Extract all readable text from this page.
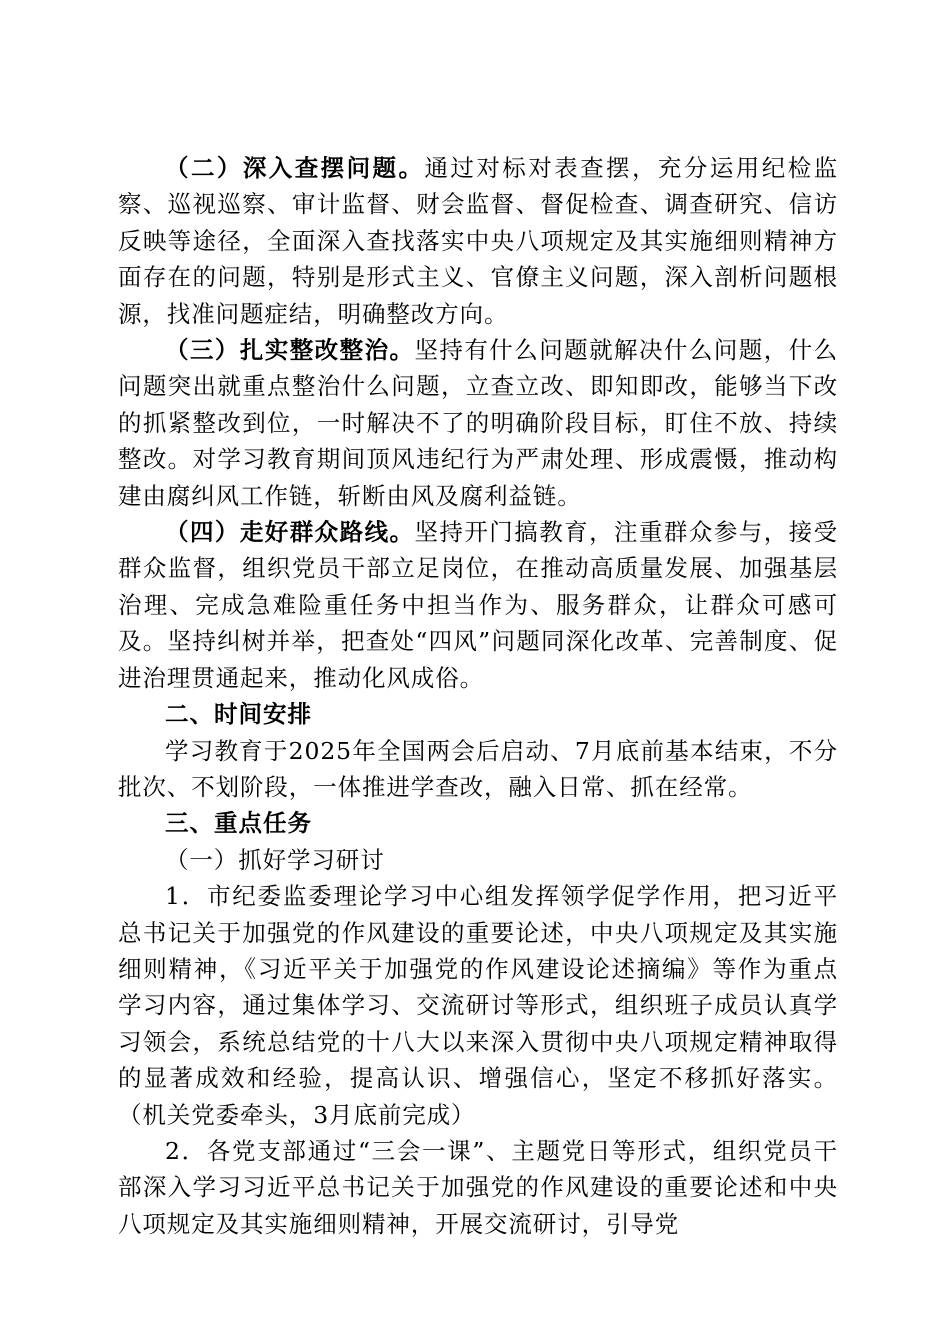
（二）深入查摆问题。通过对标对表查摆，充分运用纪检监察、巡视巡察、审计监督、财会监督、督促检查、调查研究、信访反映等途径，全面深入查找落实中央八项规定及其实施细则精神方面存在的问题，特别是形式主义、官僚主义问题，深入剖析问题根源，找准问题症结，明确整改方向。

（三）扎实整改整治。坚持有什么问题就解决什么问题，什么问题突出就重点整治什么问题，立查立改、即知即改，能够当下改的抓紧整改到位，一时解决不了的明确阶段目标，盯住不放、持续整改。对学习教育期间顶风违纪行为严肃处理、形成震慑，推动构建由腐纠风工作链，斩断由风及腐利益链。

（四）走好群众路线。坚持开门搞教育，注重群众参与，接受群众监督，组织党员干部立足岗位，在推动高质量发展、加强基层治理、完成急难险重任务中担当作为、服务群众，让群众可感可及。坚持纠树并举，把查处“四风”问题同深化改革、完善制度、促进治理贯通起来，推动化风成俗。

二、时间安排

学习教育于2025年全国两会后启动、7月底前基本结束，不分批次、不划阶段，一体推进学查改，融入日常、抓在经常。

三、重点任务

（一）抓好学习研讨

1．市纪委监委理论学习中心组发挥领学促学作用，把习近平总书记关于加强党的作风建设的重要论述，中央八项规定及其实施细则精神，《习近平关于加强党的作风建设论述摘编》等作为重点学习内容，通过集体学习、交流研讨等形式，组织班子成员认真学习领会，系统总结党的十八大以来深入贯彻中央八项规定精神取得的显著成效和经验，提高认识、增强信心，坚定不移抓好落实。（机关党委牵头，3月底前完成）

2．各党支部通过“三会一课”、主题党日等形式，组织党员干部深入学习习近平总书记关于加强党的作风建设的重要论述和中央八项规定及其实施细则精神，开展交流研讨，引导党
